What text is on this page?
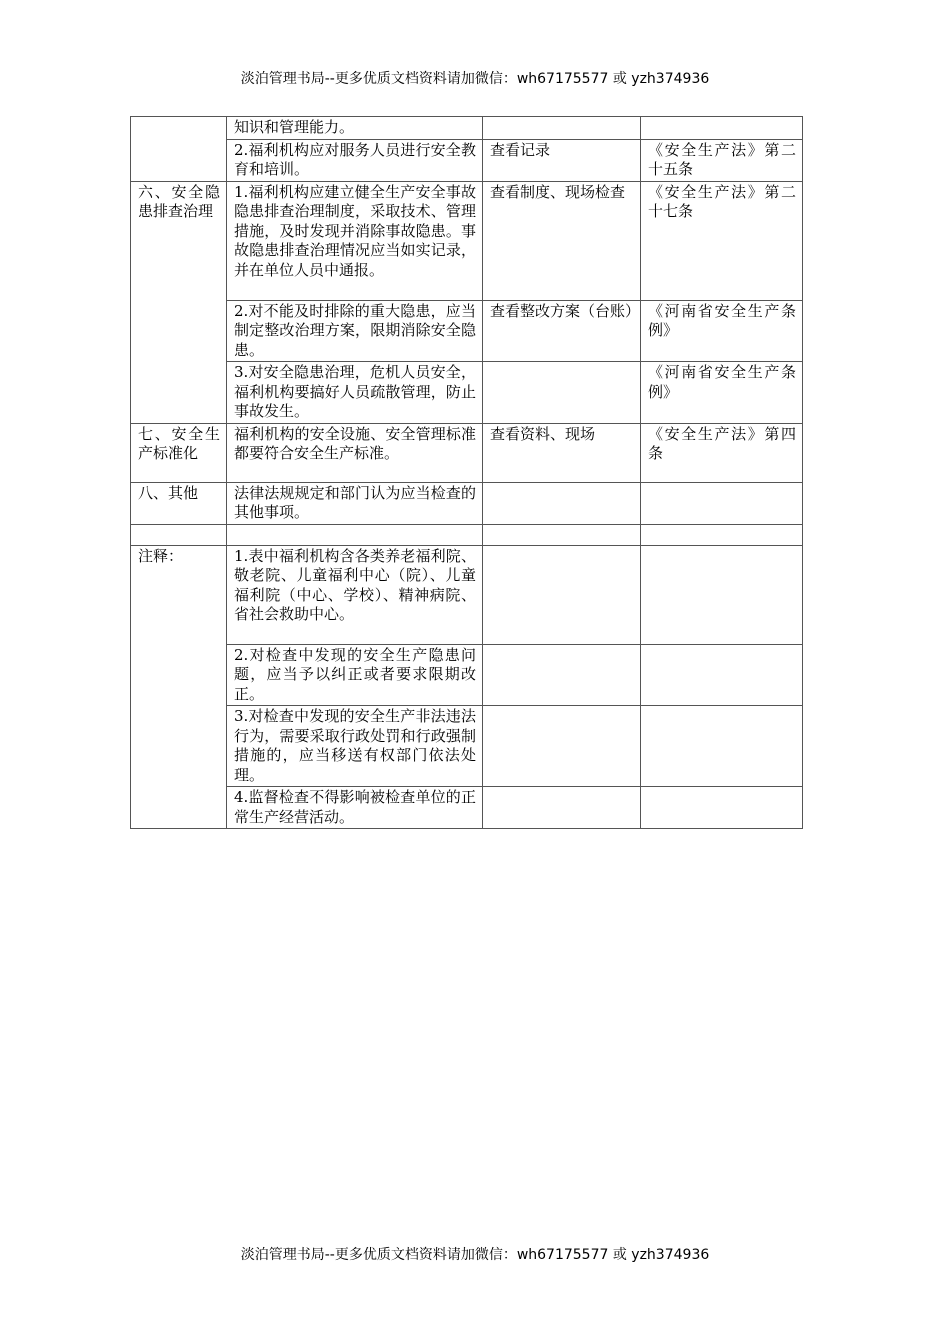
淡泊管理书局--更多优质文档资料请加微信：wh67175577 或 yzh374936
	知识和管理能力。		
	2.福利机构应对服务人员进行安全教育和培训。	查看记录	《安全生产法》第二十五条
六、安全隐患排查治理	1.福利机构应建立健全生产安全事故隐患排查治理制度，采取技术、管理措施，及时发现并消除事故隐患。事故隐患排查治理情况应当如实记录，并在单位人员中通报。	查看制度、现场检查	《安全生产法》第二十七条
	2.对不能及时排除的重大隐患，应当制定整改治理方案，限期消除安全隐患。	查看整改方案（台账）	《河南省安全生产条例》
	3.对安全隐患治理，危机人员安全，福利机构要搞好人员疏散管理，防止事故发生。		《河南省安全生产条例》
七、安全生产标准化	福利机构的安全设施、安全管理标准都要符合安全生产标准。	查看资料、现场	《安全生产法》第四条
八、其他	法律法规规定和部门认为应当检查的其他事项。		

注释：	1.表中福利机构含各类养老福利院、敬老院、儿童福利中心（院）、儿童福利院（中心、学校）、精神病院、省社会救助中心。		
	2.对检查中发现的安全生产隐患问题，应当予以纠正或者要求限期改正。		
	3.对检查中发现的安全生产非法违法行为，需要采取行政处罚和行政强制措施的，应当移送有权部门依法处理。		
	4.监督检查不得影响被检查单位的正常生产经营活动。		
淡泊管理书局--更多优质文档资料请加微信：wh67175577 或 yzh374936
